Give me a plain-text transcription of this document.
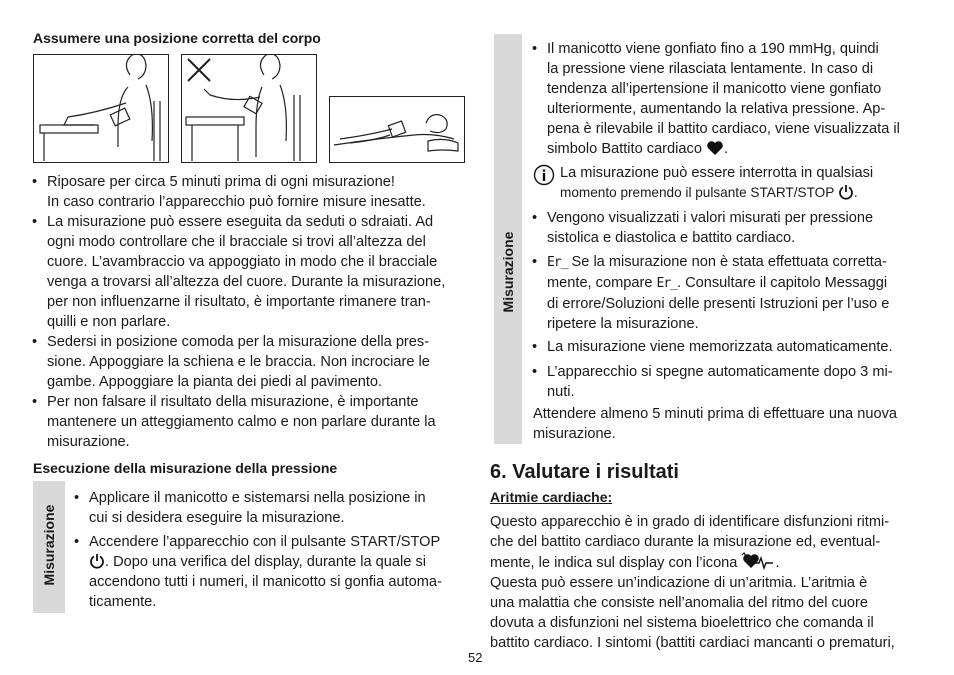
Assumere una posizione corretta del corpo
• Riposare per circa 5 minuti prima di ogni misurazione!
In caso contrario l’apparecchio può fornire misure inesatte.
• La misurazione può essere eseguita da seduti o sdraiati. Ad
ogni modo controllare che il bracciale si trovi all’altezza del
cuore. L’avambraccio va appoggiato in modo che il bracciale
venga a trovarsi all’altezza del cuore. Durante la misurazione,
per non influenzarne il risultato, è importante rimanere tran-
quilli e non parlare.
• Sedersi in posizione comoda per la misurazione della pres-
sione. Appoggiare la schiena e le braccia. Non incrociare le
gambe. Appoggiare la pianta dei piedi al pavimento.
• Per non falsare il risultato della misurazione, è importante
mantenere un atteggiamento calmo e non parlare durante la
misurazione.
Esecuzione della misurazione della pressione
Misurazione
• Applicare il manicotto e sistemarsi nella posizione in
cui si desidera eseguire la misurazione.
• Accendere l’apparecchio con il pulsante START/STOP
. Dopo una verifica del display, durante la quale si
accendono tutti i numeri, il manicotto si gonfia automa-
ticamente.
Misurazione
• Il manicotto viene gonfiato fino a 190 mmHg, quindi
la pressione viene rilasciata lentamente. In caso di
tendenza all’ipertensione il manicotto viene gonfiato
ulteriormente, aumentando la relativa pressione. Ap-
pena è rilevabile il battito cardiaco, viene visualizzata il
simbolo Battito cardiaco .
La misurazione può essere interrotta in qualsiasi
momento premendo il pulsante START/STOP .
• Vengono visualizzati i valori misurati per pressione
sistolica e diastolica e battito cardiaco.
• Er_ Se la misurazione non è stata effettuata corretta-
mente, compare Er_. Consultare il capitolo Messaggi
di errore/Soluzioni delle presenti Istruzioni per l’uso e
ripetere la misurazione.
• La misurazione viene memorizzata automaticamente.
• L’apparecchio si spegne automaticamente dopo 3 mi-
nuti.
Attendere almeno 5 minuti prima di effettuare una nuova
misurazione.
6. Valutare i risultati
Aritmie cardiache:
Questo apparecchio è in grado di identificare disfunzioni ritmi-
che del battito cardiaco durante la misurazione ed, eventual-
mente, le indica sul display con l’icona	.
Questa può essere un’indicazione di un’aritmia. L’aritmia è
una malattia che consiste nell’anomalia del ritmo del cuore
dovuta a disfunzioni nel sistema bioelettrico che comanda il
battito cardiaco. I sintomi (battiti cardiaci mancanti o prematuri,
52
